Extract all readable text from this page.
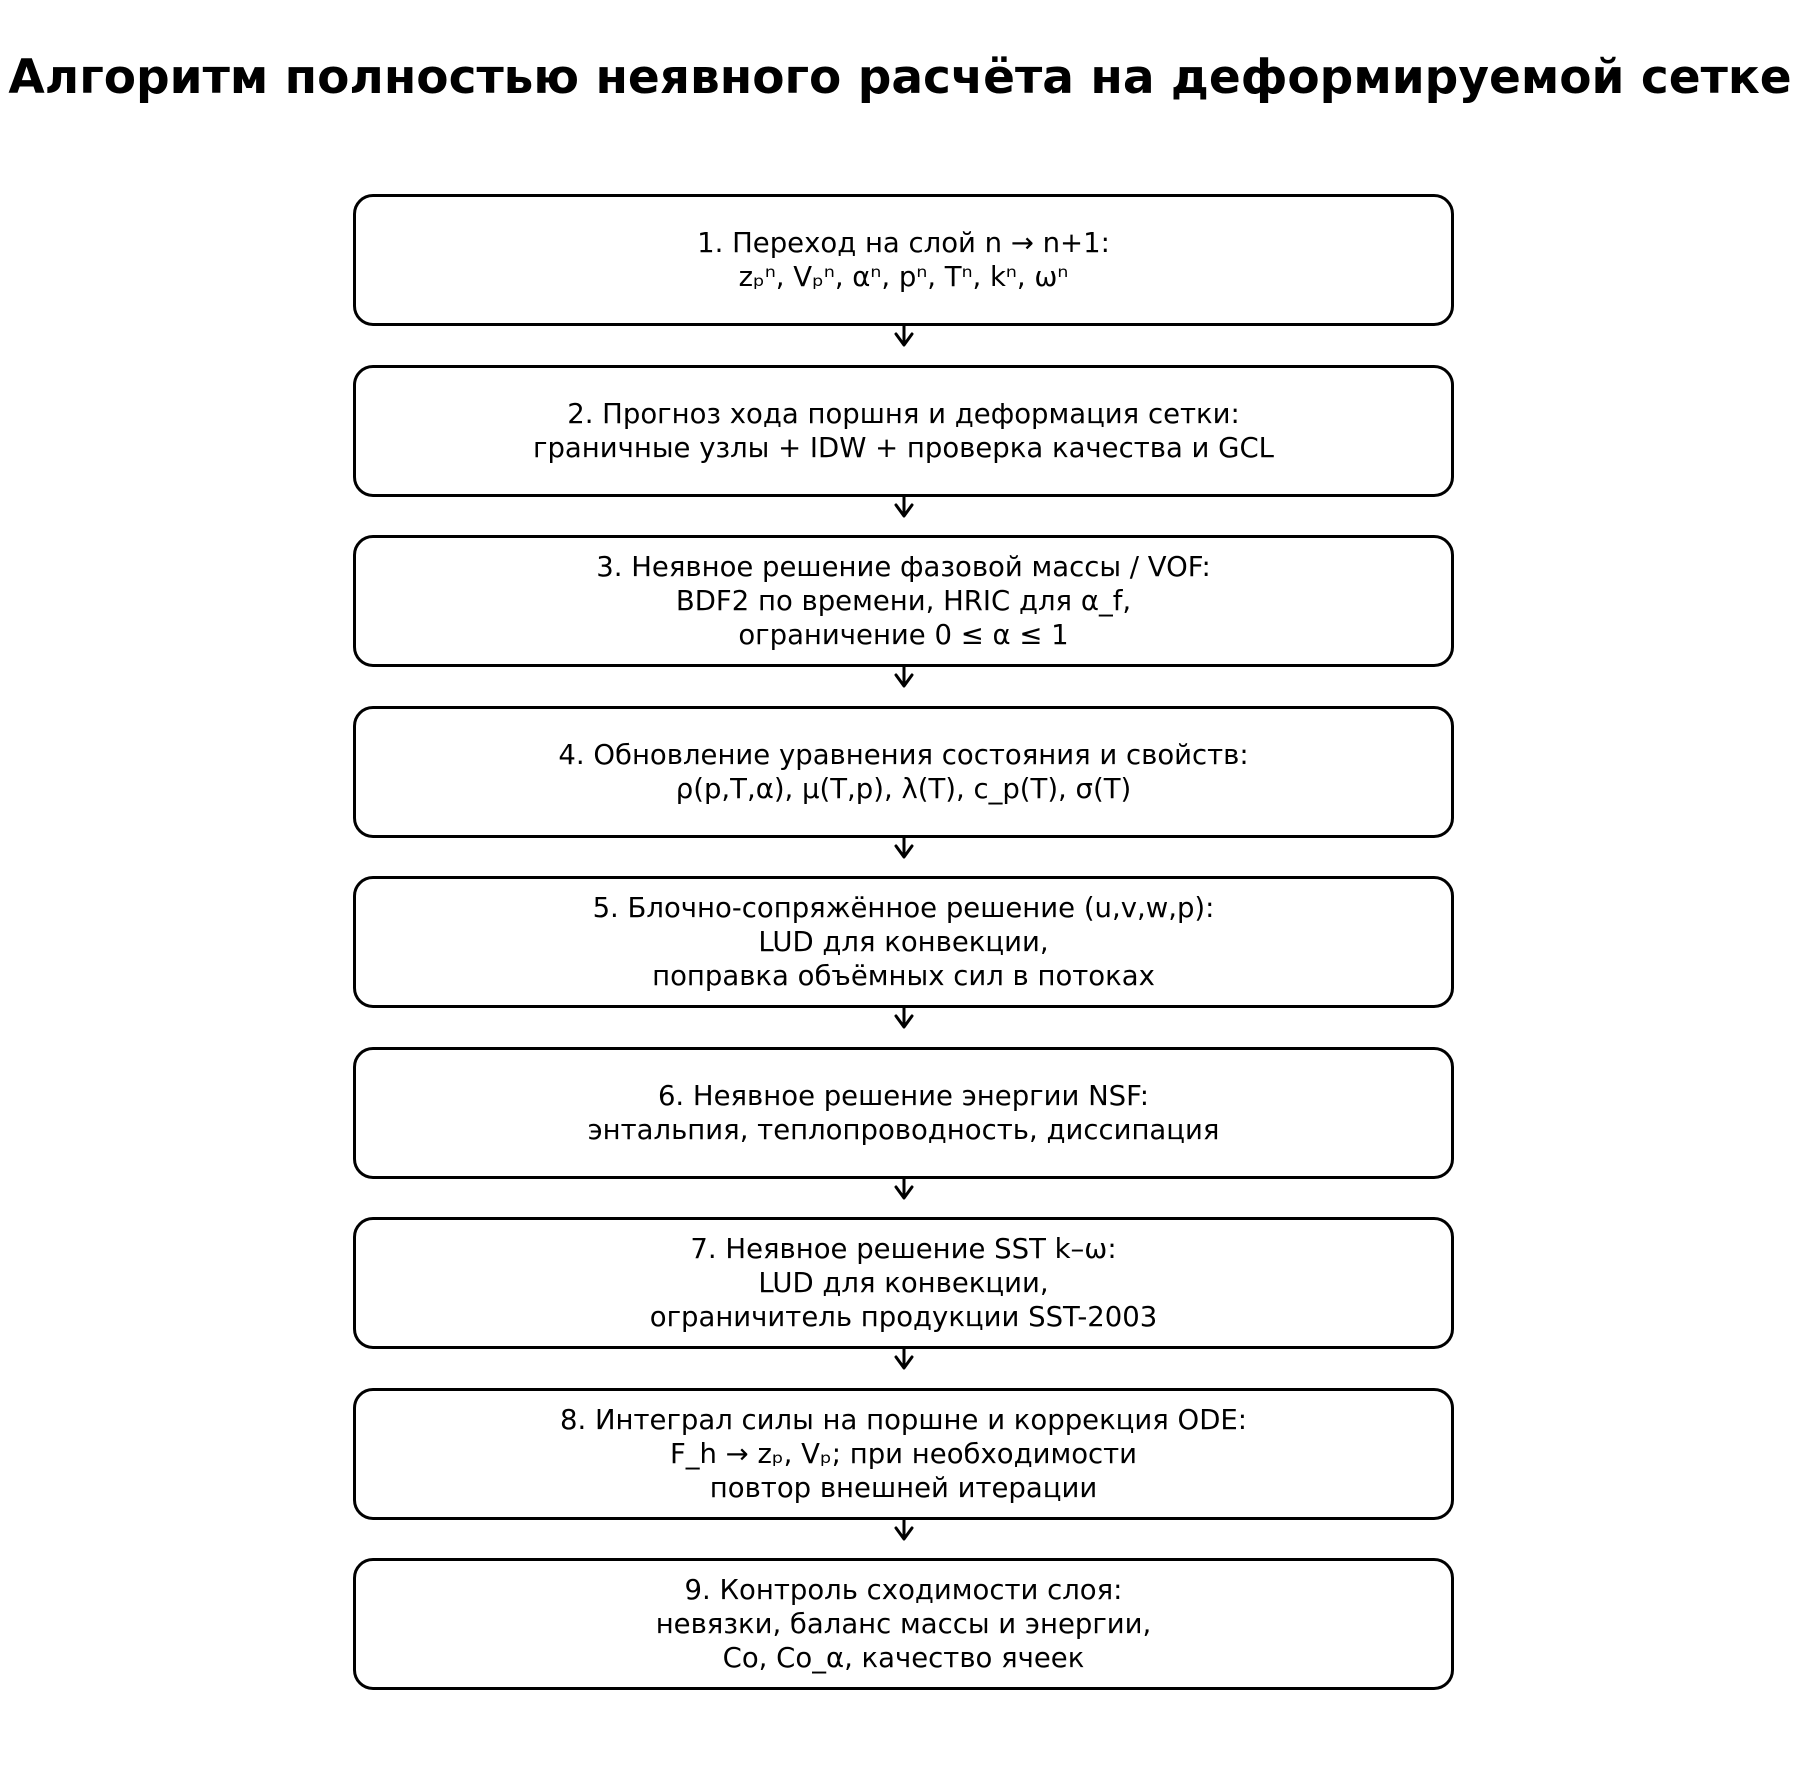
Алгоритм полностью неявного расчёта на деформируемой сетке
1. Переход на слой n → n+1:
zₚⁿ, Vₚⁿ, αⁿ, pⁿ, Tⁿ, kⁿ, ωⁿ
2. Прогноз хода поршня и деформация сетки:
граничные узлы + IDW + проверка качества и GCL
3. Неявное решение фазовой массы / VOF:
BDF2 по времени, HRIC для α_f,
ограничение 0 ≤ α ≤ 1
4. Обновление уравнения состояния и свойств:
ρ(p,T,α), μ(T,p), λ(T), c_p(T), σ(T)
5. Блочно-сопряжённое решение (u,v,w,p):
LUD для конвекции,
поправка объёмных сил в потоках
6. Неявное решение энергии NSF:
энтальпия, теплопроводность, диссипация
7. Неявное решение SST k–ω:
LUD для конвекции,
ограничитель продукции SST-2003
8. Интеграл силы на поршне и коррекция ODE:
F_h → zₚ, Vₚ; при необходимости
повтор внешней итерации
9. Контроль сходимости слоя:
невязки, баланс массы и энергии,
Co, Co_α, качество ячеек
